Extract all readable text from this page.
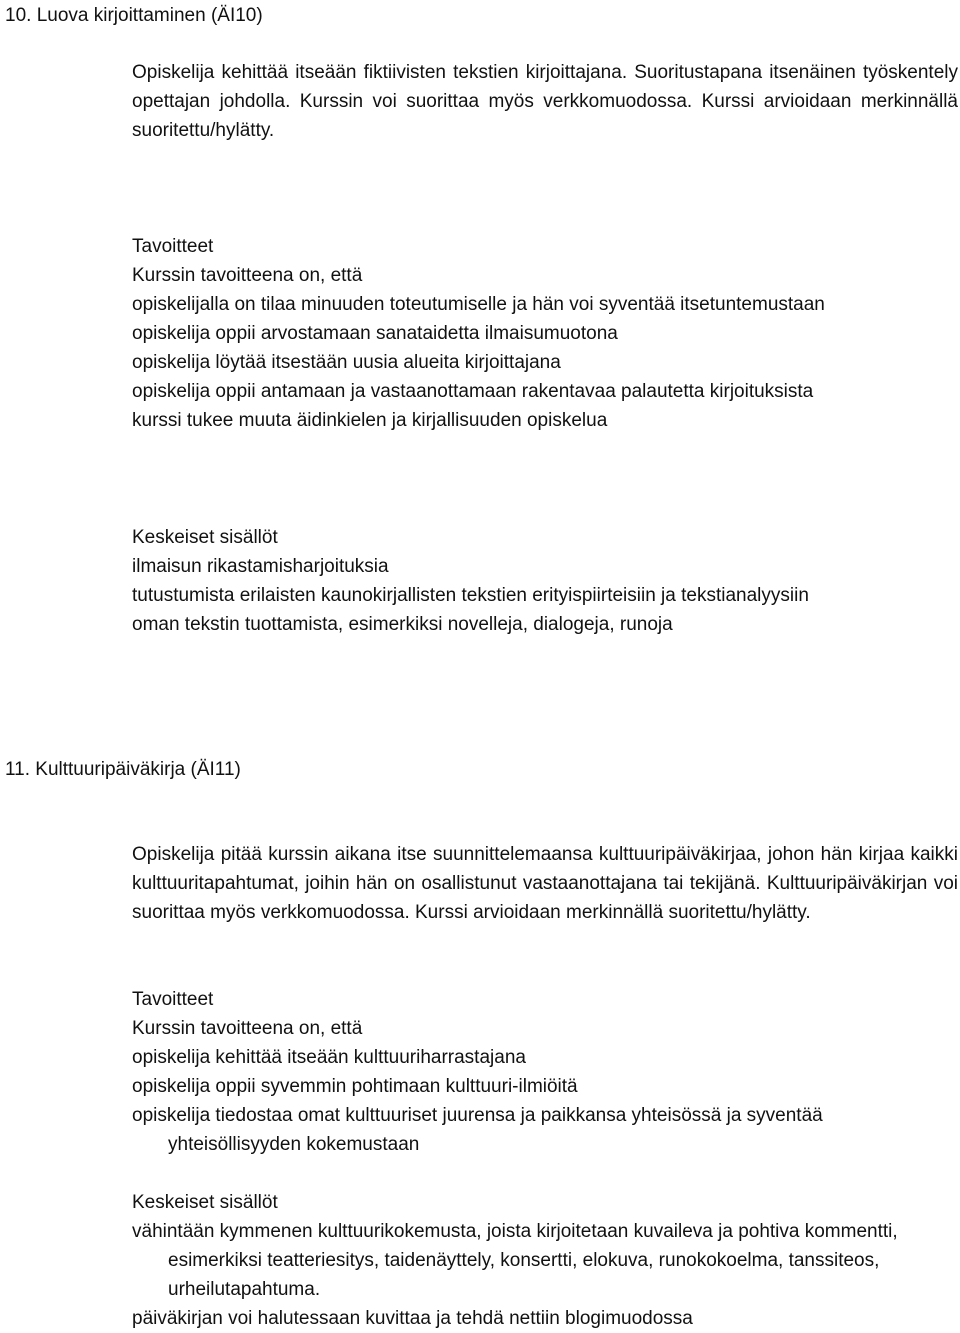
10. Luova kirjoittaminen (ÄI10)

Opiskelija kehittää itseään fiktiivisten tekstien kirjoittajana. Suoritustapana itsenäinen työskentely opettajan johdolla. Kurssin voi suorittaa myös verkkomuodossa. Kurssi arvioidaan merkinnällä suoritettu/hylätty.

Tavoitteet
Kurssin tavoitteena on, että
opiskelijalla on tilaa minuuden toteutumiselle ja hän voi syventää itsetuntemustaan
opiskelija oppii arvostamaan sanataidetta ilmaisumuotona
opiskelija löytää itsestään uusia alueita kirjoittajana
opiskelija oppii antamaan ja vastaanottamaan rakentavaa palautetta kirjoituksista
kurssi tukee muuta äidinkielen ja kirjallisuuden opiskelua
Keskeiset sisällöt
ilmaisun rikastamisharjoituksia
tutustumista erilaisten kaunokirjallisten tekstien erityispiirteisiin ja tekstianalyysiin
oman tekstin tuottamista, esimerkiksi novelleja, dialogeja, runoja
11. Kulttuuripäiväkirja (ÄI11)

Opiskelija pitää kurssin aikana itse suunnittelemaansa kulttuuripäiväkirjaa, johon hän kirjaa kaikki kulttuuritapahtumat, joihin hän on osallistunut vastaanottajana tai tekijänä. Kulttuuripäiväkirjan voi suorittaa myös verkkomuodossa. Kurssi arvioidaan merkinnällä suoritettu/hylätty.

Tavoitteet
Kurssin tavoitteena on, että
opiskelija kehittää itseään kulttuuriharrastajana
opiskelija oppii syvemmin pohtimaan kulttuuri-ilmiöitä
opiskelija tiedostaa omat kulttuuriset juurensa ja paikkansa yhteisössä ja syventää yhteisöllisyyden kokemustaan
Keskeiset sisällöt
vähintään kymmenen kulttuurikokemusta, joista kirjoitetaan kuvaileva ja pohtiva kommentti, esimerkiksi teatteriesitys, taidenäyttely, konsertti, elokuva, runokokoelma, tanssiteos, urheilutapahtuma.
päiväkirjan voi halutessaan kuvittaa ja tehdä nettiin blogimuodossa
